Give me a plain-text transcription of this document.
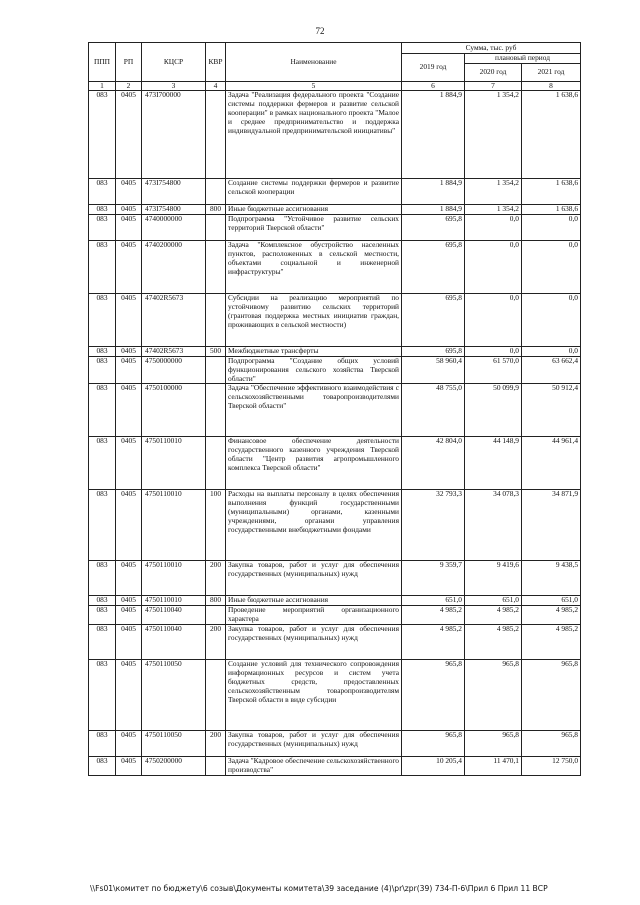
72
ППП	РП	КЦСР	КВР	Наименование	Сумма, тыс. руб		
					2019 год	плановый период	
						2020 год	2021 год
1	2	3	4	5	6	7	8
083	0405	473I700000		Задача "Реализация федерального проекта "Создание системы поддержки фермеров и развитие сельской кооперации" в рамках национального проекта "Малое и среднее предпринимательство и поддержка индивидуальной предпринимательской инициативы"	1 884,9	1 354,2	1 638,6
083	0405	473I754800		Создание системы поддержки фермеров и развитие сельской кооперации	1 884,9	1 354,2	1 638,6
083	0405	473I754800	800	Иные бюджетные ассигнования	1 884,9	1 354,2	1 638,6
083	0405	4740000000		Подпрограмма "Устойчивое развитие сельских территорий Тверской области"	695,8	0,0	0,0
083	0405	4740200000		Задача "Комплексное обустройство населенных пунктов, расположенных в сельской местности, объектами социальной и инженерной инфраструктуры"	695,8	0,0	0,0
083	0405	47402R5673		Субсидии на реализацию мероприятий по устойчивому развитию сельских территорий (грантовая поддержка местных инициатив граждан, проживающих в сельской местности)	695,8	0,0	0,0
083	0405	47402R5673	500	Межбюджетные трансферты	695,8	0,0	0,0
083	0405	4750000000		Подпрограмма "Создание общих условий функционирования сельского хозяйства Тверской области"	58 960,4	61 570,0	63 662,4
083	0405	4750100000		Задача "Обеспечение эффективного взаимодействия с сельскохозяйственными товаропроизводителями Тверской области"	48 755,0	50 099,9	50 912,4
083	0405	4750110010		Финансовое обеспечение деятельности государственного казенного учреждения Тверской области "Центр развития агропромышленного комплекса Тверской области"	42 804,0	44 148,9	44 961,4
083	0405	4750110010	100	Расходы на выплаты персоналу в целях обеспечения выполнения функций государственными (муниципальными) органами, казенными учреждениями, органами управления государственными внебюджетными фондами	32 793,3	34 078,3	34 871,9
083	0405	4750110010	200	Закупка товаров, работ и услуг для обеспечения государственных (муниципальных) нужд	9 359,7	9 419,6	9 438,5
083	0405	4750110010	800	Иные бюджетные ассигнования	651,0	651,0	651,0
083	0405	4750110040		Проведение мероприятий организационного характера	4 985,2	4 985,2	4 985,2
083	0405	4750110040	200	Закупка товаров, работ и услуг для обеспечения государственных (муниципальных) нужд	4 985,2	4 985,2	4 985,2
083	0405	4750110050		Создание условий для технического сопровождения информационных ресурсов и систем учета бюджетных средств, предоставленных сельскохозяйственным товаропроизводителям Тверской области в виде субсидии	965,8	965,8	965,8
083	0405	4750110050	200	Закупка товаров, работ и услуг для обеспечения государственных (муниципальных) нужд	965,8	965,8	965,8
083	0405	4750200000		Задача "Кадровое обеспечение сельскохозяйственного производства"	10 205,4	11 470,1	12 750,0
\\Fs01\комитет по бюджету\6 созыв\Документы комитета\39 заседание (4)\pr\zpr(39) 734-П-6\Прил 6 Прил 11 ВСР
